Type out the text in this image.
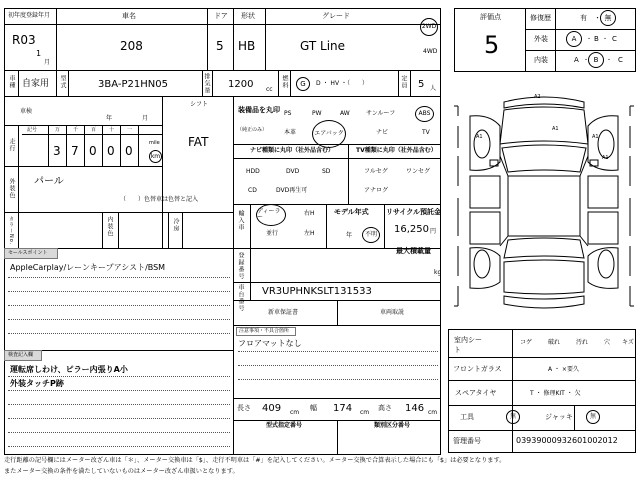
初年度登録年月	車名	ドア 形状	グレード
R03
1
月
208	5 HB	GT Line
2WD
4WD
車種 自家用 型式	3BA-P21HN05	排気量 1200 cc
燃料 G D ・ HV ・（　　）	定員 5 人
車検
年	月
走行
記号	万	千	百	十	一
3 7 0 0 0
mile
km
シフト
FAT
外装色 パール
（　　）色替車は色替と記入
カラーNo.	内装色	冷房
セールスポイント
AppleCarplay/レーンキープアシスト/BSM
検査記入欄
運転席しわけ、ピラー内張りA小
外装タッチP跡
装備品を丸印
（純正のみ）
PS	PW	AW	サンルーフ	ABS
本革	エアバック	ナビ	TV
ナビ種類に丸印（社外品含む）	TV種類に丸印（社外品含む）
HDD	DVD	SD
CD	DVD再生可
フルセグ	ワンセグ
アナログ
輸入車 ディーラー
並行
右H
左H
モデル年式
年 不明
リサイクル預託金
16,250 円
最大積載量
kg
登録番号
車台番号 VR3UPHNKSLT131533
新車保証書	車両取説
注意事項・不具合箇所
フロアマットなし
長さ 409 cm
幅 174 cm
高さ 146 cm
型式指定番号	類別区分番号
評価点
5
修復歴	有 ・ 無
外装	A ・ B ・ C
内装	A ・ B ・ C
A2
A1
A1	A1
A1
室内シート
コゲ	破れ	汚れ	穴 キズ
フロントガラス	A ・ ×要久
スペアタイヤ	T ・ 修理KIT ・ 欠
工具	無	ジャッキ	無
管理番号	0393900093260100​2012
走行距離の記号欄にはメーター改ざん車は「＊」、メーター交換車は「$」、走行不明車は「#」を記入してください。メーター交換で合算表示した場合にも「$」は必要となります。
またメーター交換の条件を満たしていないものはメーター改ざん車扱いとなります。
